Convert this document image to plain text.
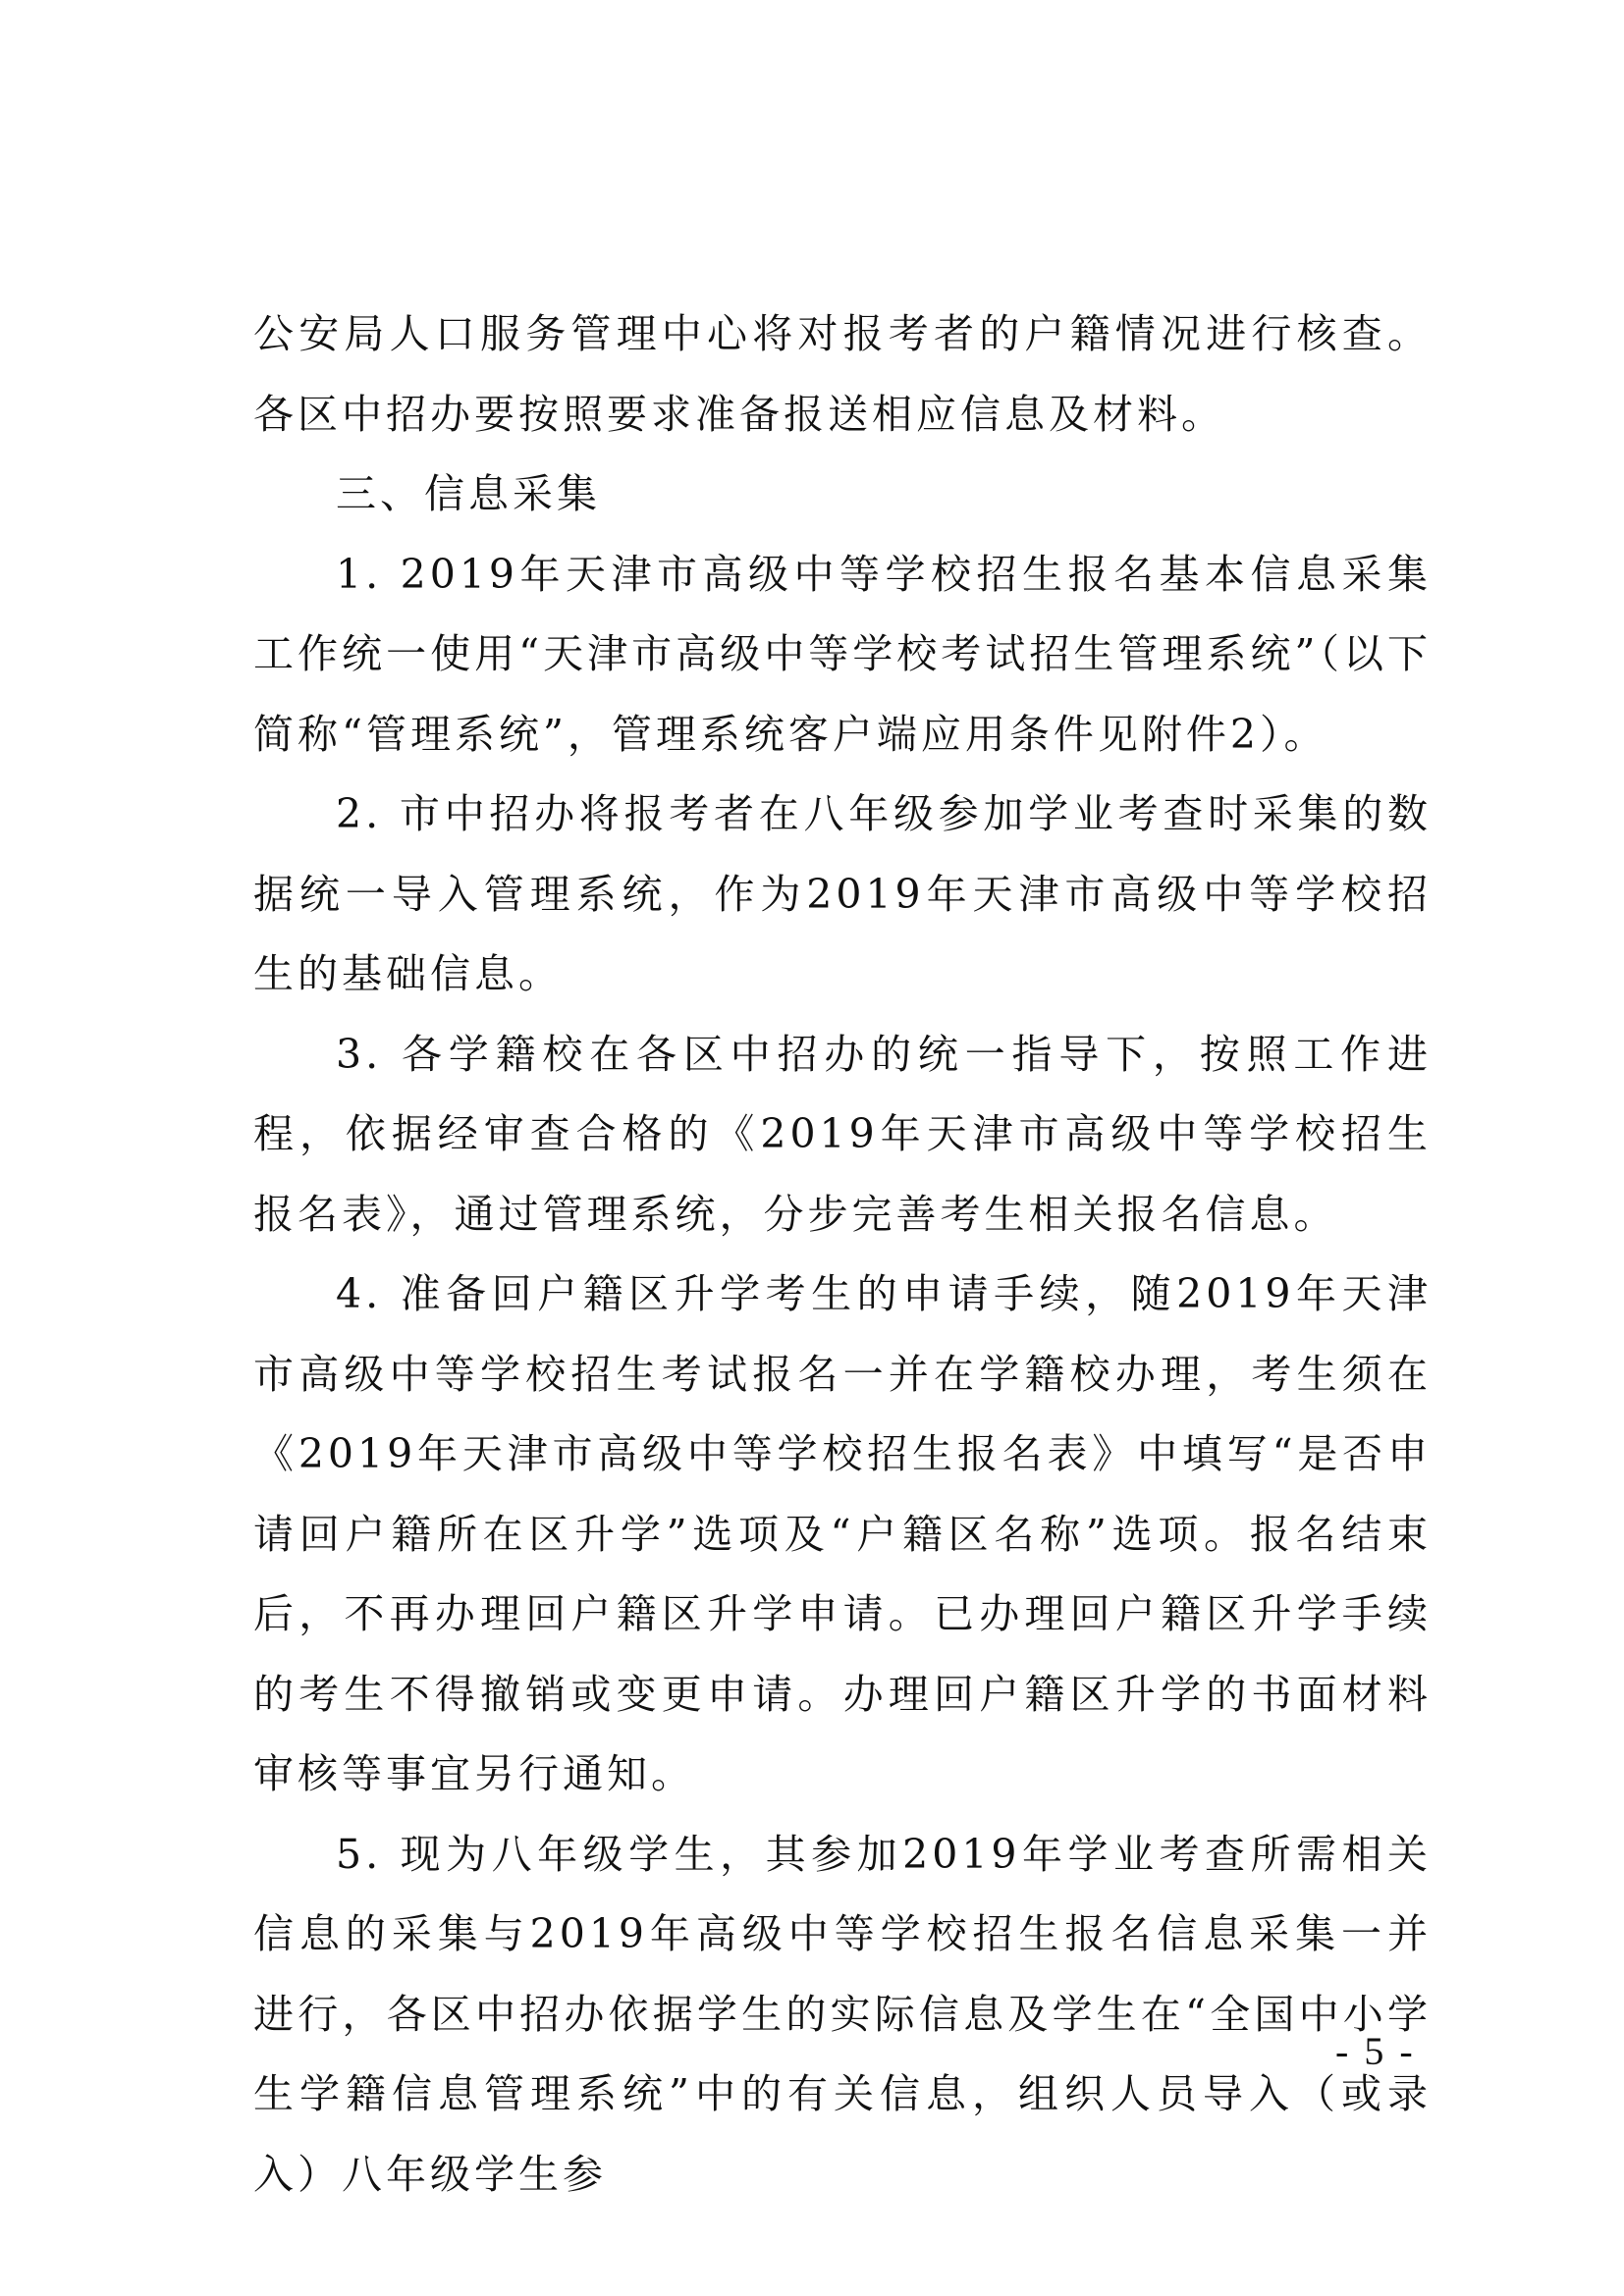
公安局人口服务管理中心将对报考者的户籍情况进行核查。各区中招办要按照要求准备报送相应信息及材料。

三、信息采集

1. 2019年天津市高级中等学校招生报名基本信息采集工作统一使用“天津市高级中等学校考试招生管理系统”（以下简称“管理系统”，管理系统客户端应用条件见附件2）。

2. 市中招办将报考者在八年级参加学业考查时采集的数据统一导入管理系统，作为2019年天津市高级中等学校招生的基础信息。

3. 各学籍校在各区中招办的统一指导下，按照工作进程，依据经审查合格的《2019年天津市高级中等学校招生报名表》，通过管理系统，分步完善考生相关报名信息。

4. 准备回户籍区升学考生的申请手续，随2019年天津市高级中等学校招生考试报名一并在学籍校办理，考生须在《2019年天津市高级中等学校招生报名表》中填写“是否申请回户籍所在区升学”选项及“户籍区名称”选项。报名结束后，不再办理回户籍区升学申请。已办理回户籍区升学手续的考生不得撤销或变更申请。办理回户籍区升学的书面材料审核等事宜另行通知。

5. 现为八年级学生，其参加2019年学业考查所需相关信息的采集与2019年高级中等学校招生报名信息采集一并进行，各区中招办依据学生的实际信息及学生在“全国中小学生学籍信息管理系统”中的有关信息，组织人员导入（或录入）八年级学生参

- 5 -
